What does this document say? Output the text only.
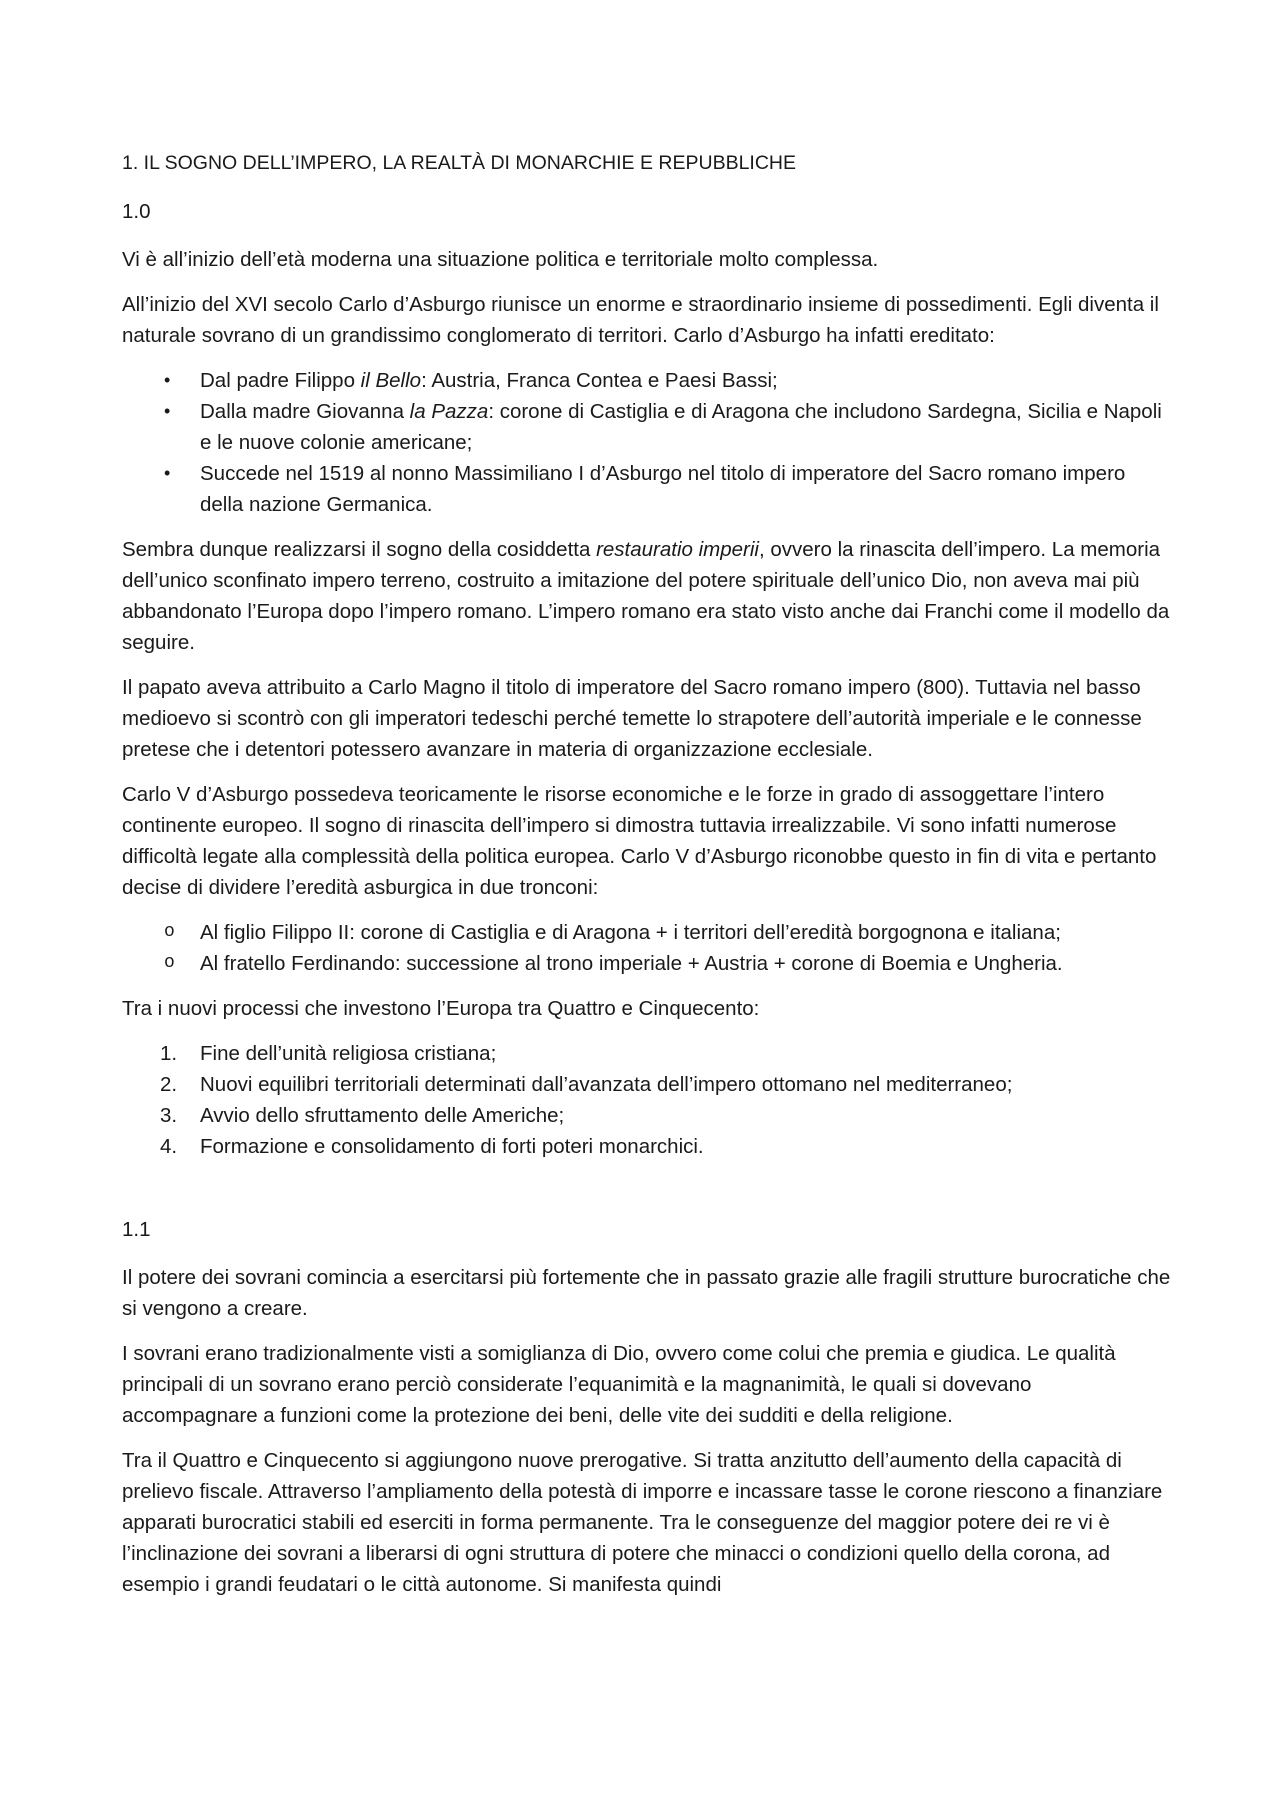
1. IL SOGNO DELL’IMPERO, LA REALTÀ DI MONARCHIE E REPUBBLICHE

1.0

Vi è all’inizio dell’età moderna una situazione politica e territoriale molto complessa.

All’inizio del XVI secolo Carlo d’Asburgo riunisce un enorme e straordinario insieme di possedimenti. Egli diventa il naturale sovrano di un grandissimo conglomerato di territori. Carlo d’Asburgo ha infatti ereditato:

•	Dal padre Filippo il Bello: Austria, Franca Contea e Paesi Bassi;
•	Dalla madre Giovanna la Pazza: corone di Castiglia e di Aragona che includono Sardegna, Sicilia e Napoli e le nuove colonie americane;
•	Succede nel 1519 al nonno Massimiliano I d’Asburgo nel titolo di imperatore del Sacro romano impero della nazione Germanica.

Sembra dunque realizzarsi il sogno della cosiddetta restauratio imperii, ovvero la rinascita dell’impero. La memoria dell’unico sconfinato impero terreno, costruito a imitazione del potere spirituale dell’unico Dio, non aveva mai più abbandonato l’Europa dopo l’impero romano. L’impero romano era stato visto anche dai Franchi come il modello da seguire.

Il papato aveva attribuito a Carlo Magno il titolo di imperatore del Sacro romano impero (800). Tuttavia nel basso medioevo si scontrò con gli imperatori tedeschi perché temette lo strapotere dell’autorità imperiale e le connesse pretese che i detentori potessero avanzare in materia di organizzazione ecclesiale.

Carlo V d’Asburgo possedeva teoricamente le risorse economiche e le forze in grado di assoggettare l’intero continente europeo. Il sogno di rinascita dell’impero si dimostra tuttavia irrealizzabile. Vi sono infatti numerose difficoltà legate alla complessità della politica europea. Carlo V d’Asburgo riconobbe questo in fin di vita e pertanto decise di dividere l’eredità asburgica in due tronconi:

o	Al figlio Filippo II: corone di Castiglia e di Aragona + i territori dell’eredità borgognona e italiana;
o	Al fratello Ferdinando: successione al trono imperiale + Austria + corone di Boemia e Ungheria.

Tra i nuovi processi che investono l’Europa tra Quattro e Cinquecento:

1.	Fine dell’unità religiosa cristiana;
2.	Nuovi equilibri territoriali determinati dall’avanzata dell’impero ottomano nel mediterraneo;
3.	Avvio dello sfruttamento delle Americhe;
4.	Formazione e consolidamento di forti poteri monarchici.

1.1

Il potere dei sovrani comincia a esercitarsi più fortemente che in passato grazie alle fragili strutture burocratiche che si vengono a creare.

I sovrani erano tradizionalmente visti a somiglianza di Dio, ovvero come colui che premia e giudica. Le qualità principali di un sovrano erano perciò considerate l’equanimità e la magnanimità, le quali si dovevano accompagnare a funzioni come la protezione dei beni, delle vite dei sudditi e della religione.

Tra il Quattro e Cinquecento si aggiungono nuove prerogative. Si tratta anzitutto dell’aumento della capacità di prelievo fiscale. Attraverso l’ampliamento della potestà di imporre e incassare tasse le corone riescono a finanziare apparati burocratici stabili ed eserciti in forma permanente. Tra le conseguenze del maggior potere dei re vi è l’inclinazione dei sovrani a liberarsi di ogni struttura di potere che minacci o condizioni quello della corona, ad esempio i grandi feudatari o le città autonome. Si manifesta quindi
